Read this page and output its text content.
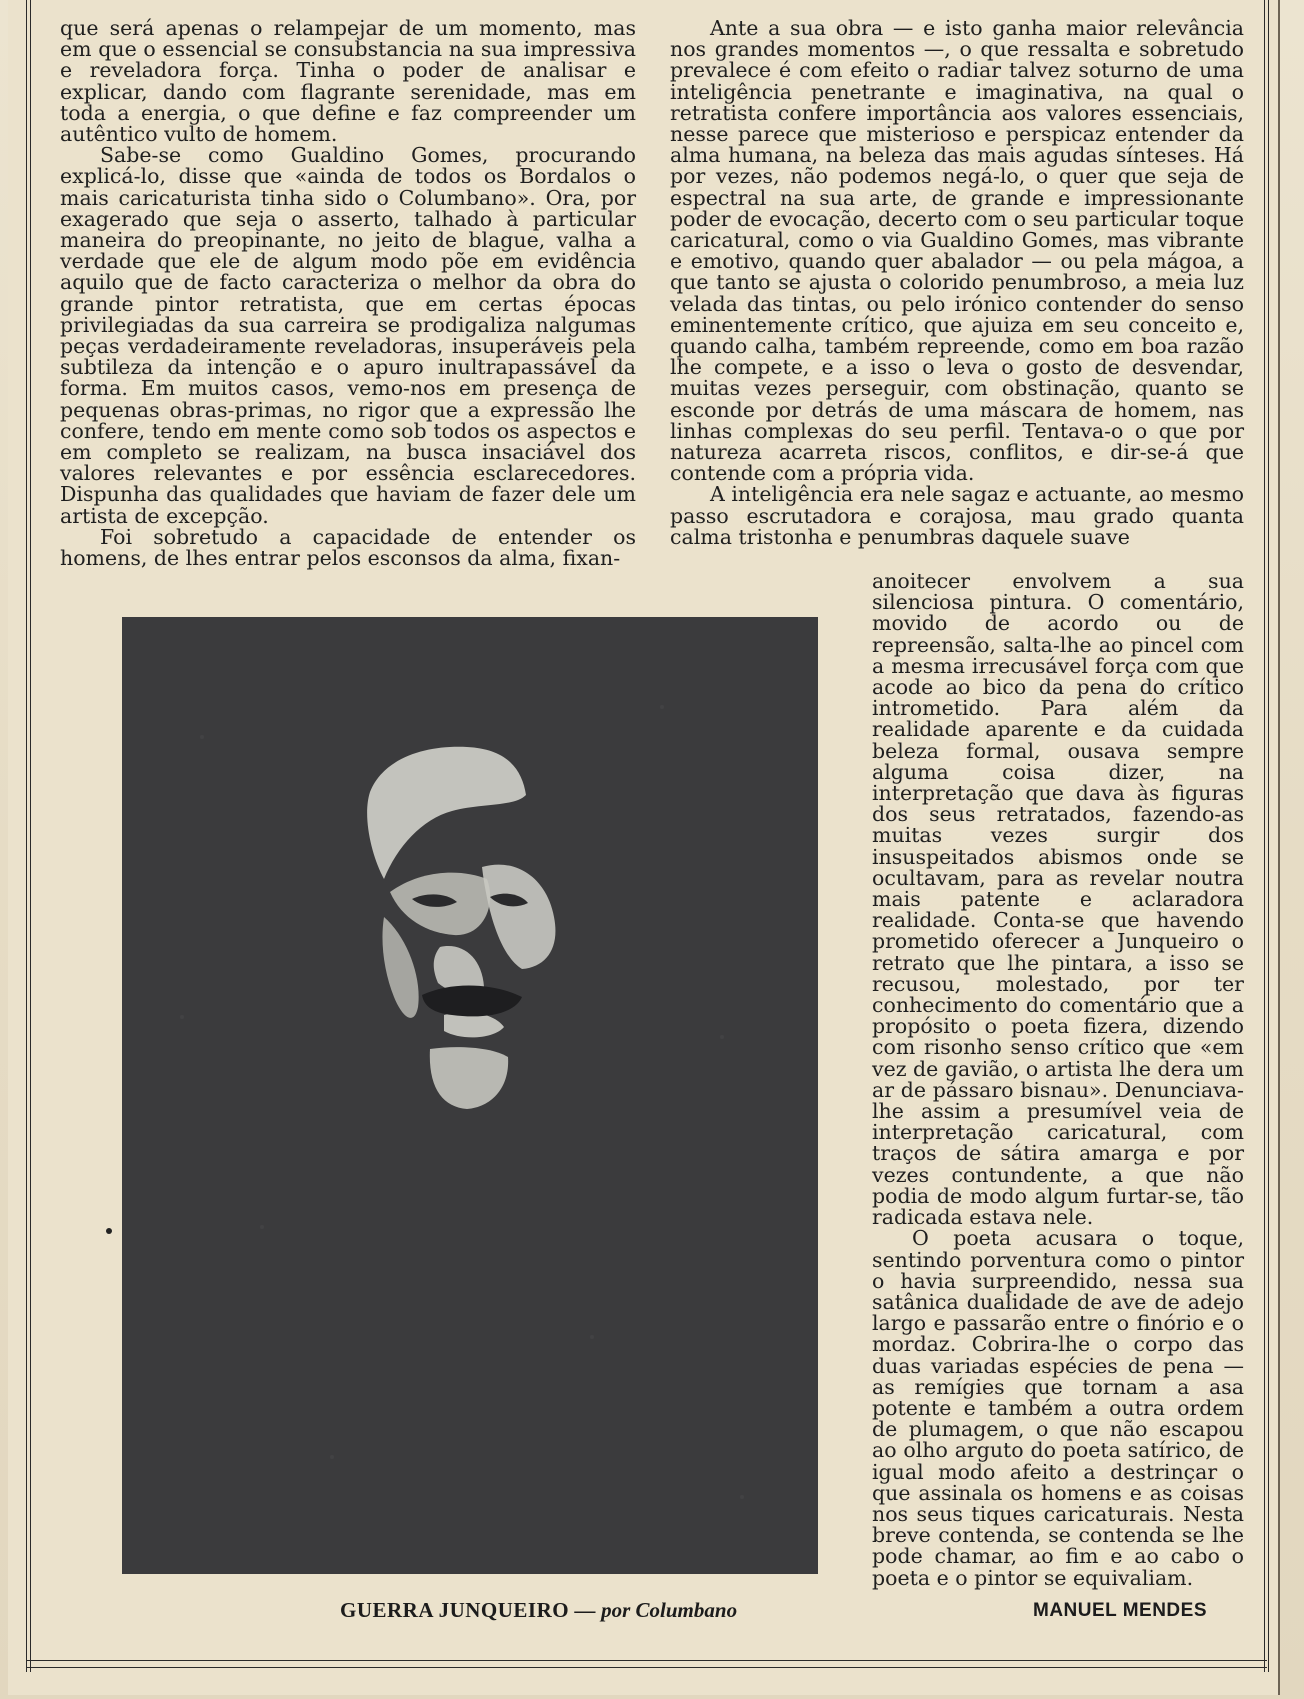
que será apenas o relampejar de um momento, mas em que o essencial se consubstancia na sua impressiva e reveladora força. Tinha o poder de analisar e explicar, dando com flagrante serenidade, mas em toda a energia, o que define e faz compreender um autêntico vulto de homem.

Sabe-se como Gualdino Gomes, procurando explicá-lo, disse que «ainda de todos os Bordalos o mais caricaturista tinha sido o Columbano». Ora, por exagerado que seja o asserto, talhado à particular maneira do preopinante, no jeito de blague, valha a verdade que ele de algum modo põe em evidência aquilo que de facto caracteriza o melhor da obra do grande pintor retratista, que em certas épocas privilegiadas da sua carreira se prodigaliza nalgumas peças verdadeiramente reveladoras, insuperáveis pela subtileza da intenção e o apuro inultrapassável da forma. Em muitos casos, vemo-nos em presença de pequenas obras-primas, no rigor que a expressão lhe confere, tendo em mente como sob todos os aspectos e em completo se realizam, na busca insaciável dos valores relevantes e por essência esclarecedores. Dispunha das qualidades que haviam de fazer dele um artista de excepção.

Foi sobretudo a capacidade de entender os homens, de lhes entrar pelos esconsos da alma, fixan-

Ante a sua obra — e isto ganha maior relevância nos grandes momentos —, o que ressalta e sobretudo prevalece é com efeito o radiar talvez soturno de uma inteligência penetrante e imaginativa, na qual o retratista confere importância aos valores essenciais, nesse parece que misterioso e perspicaz entender da alma humana, na beleza das mais agudas sínteses. Há por vezes, não podemos negá-lo, o quer que seja de espectral na sua arte, de grande e impressionante poder de evocação, decerto com o seu particular toque caricatural, como o via Gualdino Gomes, mas vibrante e emotivo, quando quer abalador — ou pela mágoa, a que tanto se ajusta o colorido penumbroso, a meia luz velada das tintas, ou pelo irónico contender do senso eminentemente crítico, que ajuiza em seu conceito e, quando calha, também repreende, como em boa razão lhe compete, e a isso o leva o gosto de desvendar, muitas vezes perseguir, com obstinação, quanto se esconde por detrás de uma máscara de homem, nas linhas complexas do seu perfil. Tentava-o o que por natureza acarreta riscos, conflitos, e dir-se-á que contende com a própria vida.

A inteligência era nele sagaz e actuante, ao mesmo passo escrutadora e corajosa, mau grado quanta calma tristonha e penumbras daquele suave

anoitecer envolvem a sua silenciosa pintura. O comentário, movido de acordo ou de repreensão, salta-lhe ao pincel com a mesma irrecusável força com que acode ao bico da pena do crítico intrometido. Para além da realidade aparente e da cuidada beleza formal, ousava sempre alguma coisa dizer, na interpretação que dava às figuras dos seus retratados, fazendo-as muitas vezes surgir dos insuspeitados abismos onde se ocultavam, para as revelar noutra mais patente e aclaradora realidade. Conta-se que havendo prometido oferecer a Junqueiro o retrato que lhe pintara, a isso se recusou, molestado, por ter conhecimento do comentário que a propósito o poeta fizera, dizendo com risonho senso crítico que «em vez de gavião, o artista lhe dera um ar de pássaro bisnau». Denunciava-lhe assim a presumível veia de interpretação caricatural, com traços de sátira amarga e por vezes contundente, a que não podia de modo algum furtar-se, tão radicada estava nele.

O poeta acusara o toque, sentindo porventura como o pintor o havia surpreendido, nessa sua satânica dualidade de ave de adejo largo e passarão entre o finório e o mordaz. Cobrira-lhe o corpo das duas variadas espécies de pena — as remígies que tornam a asa potente e também a outra ordem de plumagem, o que não escapou ao olho arguto do poeta satírico, de igual modo afeito a destrinçar o que assinala os homens e as coisas nos seus tiques caricaturais. Nesta breve contenda, se contenda se lhe pode chamar, ao fim e ao cabo o poeta e o pintor se equivaliam.

GUERRA JUNQUEIRO — por Columbano	MANUEL MENDES
